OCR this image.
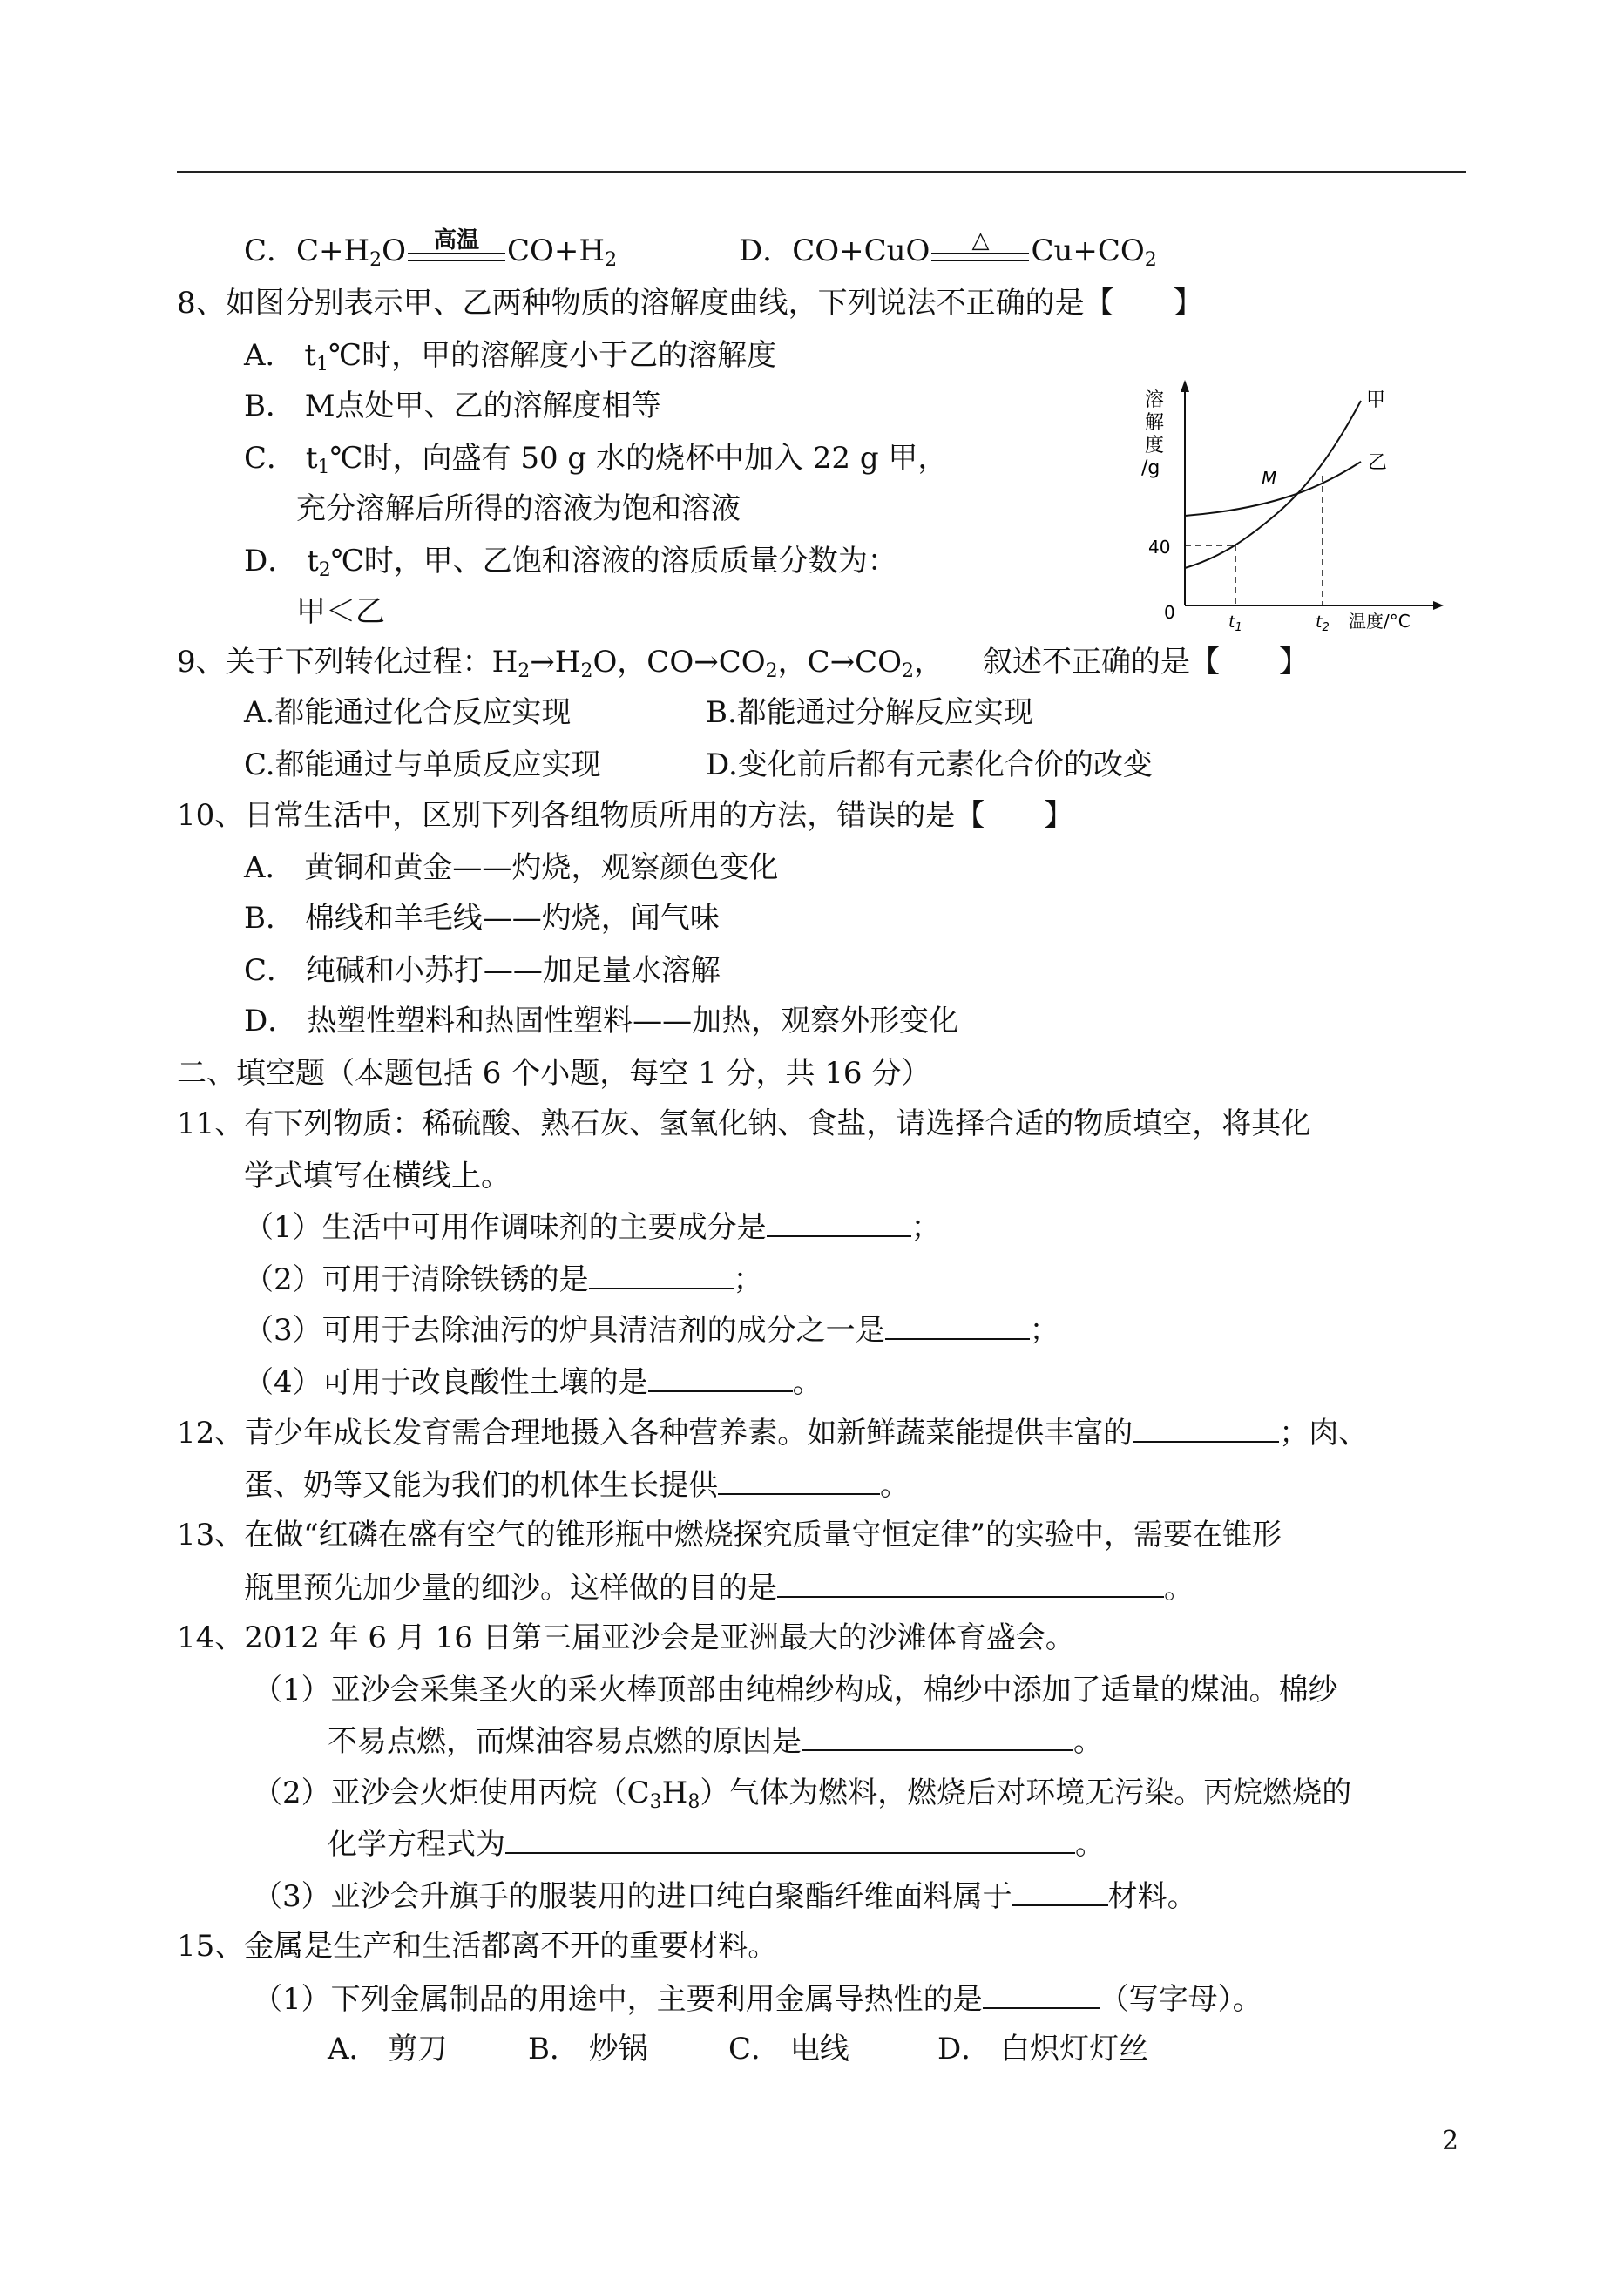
C．$C+H_2O$	高温 $CO+H_2$	D．CO+CuO	△	$Cu+CO_2$
8、如图分别表示甲、乙两种物质的溶解度曲线，下列说法不正确的是【　　】
A． $t_1℃$时，甲的溶解度小于乙的溶解度
B． M点处甲、乙的溶解度相等
C． $t_1℃$时，向盛有 50 g 水的烧杯中加入 22 g 甲，
充分溶解后所得的溶液为饱和溶液
D． $t_2℃$时，甲、乙饱和溶液的溶质质量分数为：
甲＜乙
溶
解
度
/g
40
0
甲
乙
M
$t_1$	$t_2$ 温度/°C
9、关于下列转化过程：$H_2\to H_2O$，$CO\to CO_2$，$C\to CO_2$， 叙述不正确的是【　　】
A.都能通过化合反应实现	B.都能通过分解反应实现
C.都能通过与单质反应实现	D.变化前后都有元素化合价的改变
10、日常生活中，区别下列各组物质所用的方法，错误的是【　　】
A． 黄铜和黄金——灼烧，观察颜色变化
B． 棉线和羊毛线——灼烧，闻气味
C． 纯碱和小苏打——加足量水溶解
D． 热塑性塑料和热固性塑料——加热，观察外形变化
二、填空题（本题包括 6 个小题，每空 1 分，共 16 分）
11、有下列物质：稀硫酸、熟石灰、氢氧化钠、食盐，请选择合适的物质填空，将其化
学式填写在横线上。
（1）生活中可用作调味剂的主要成分是	；
（2）可用于清除铁锈的是	；
（3）可用于去除油污的炉具清洁剂的成分之一是	；
（4）可用于改良酸性土壤的是	。
12、青少年成长发育需合理地摄入各种营养素。如新鲜蔬菜能提供丰富的	；肉、
蛋、奶等又能为我们的机体生长提供	。
13、在做“红磷在盛有空气的锥形瓶中燃烧探究质量守恒定律”的实验中，需要在锥形
瓶里预先加少量的细沙。这样做的目的是	。
14、2012 年 6 月 16 日第三届亚沙会是亚洲最大的沙滩体育盛会。
（1）亚沙会采集圣火的采火棒顶部由纯棉纱构成，棉纱中添加了适量的煤油。棉纱
不易点燃，而煤油容易点燃的原因是	。
（2）亚沙会火炬使用丙烷$(C_3H_8)$气体为燃料，燃烧后对环境无污染。丙烷燃烧的
化学方程式为	。
（3）亚沙会升旗手的服装用的进口纯白聚酯纤维面料属于	材料。
15、金属是生产和生活都离不开的重要材料。
（1）下列金属制品的用途中，主要利用金属导热性的是	（写字母）。
A． 剪刀	B． 炒锅	C． 电线	D． 白炽灯灯丝
2
